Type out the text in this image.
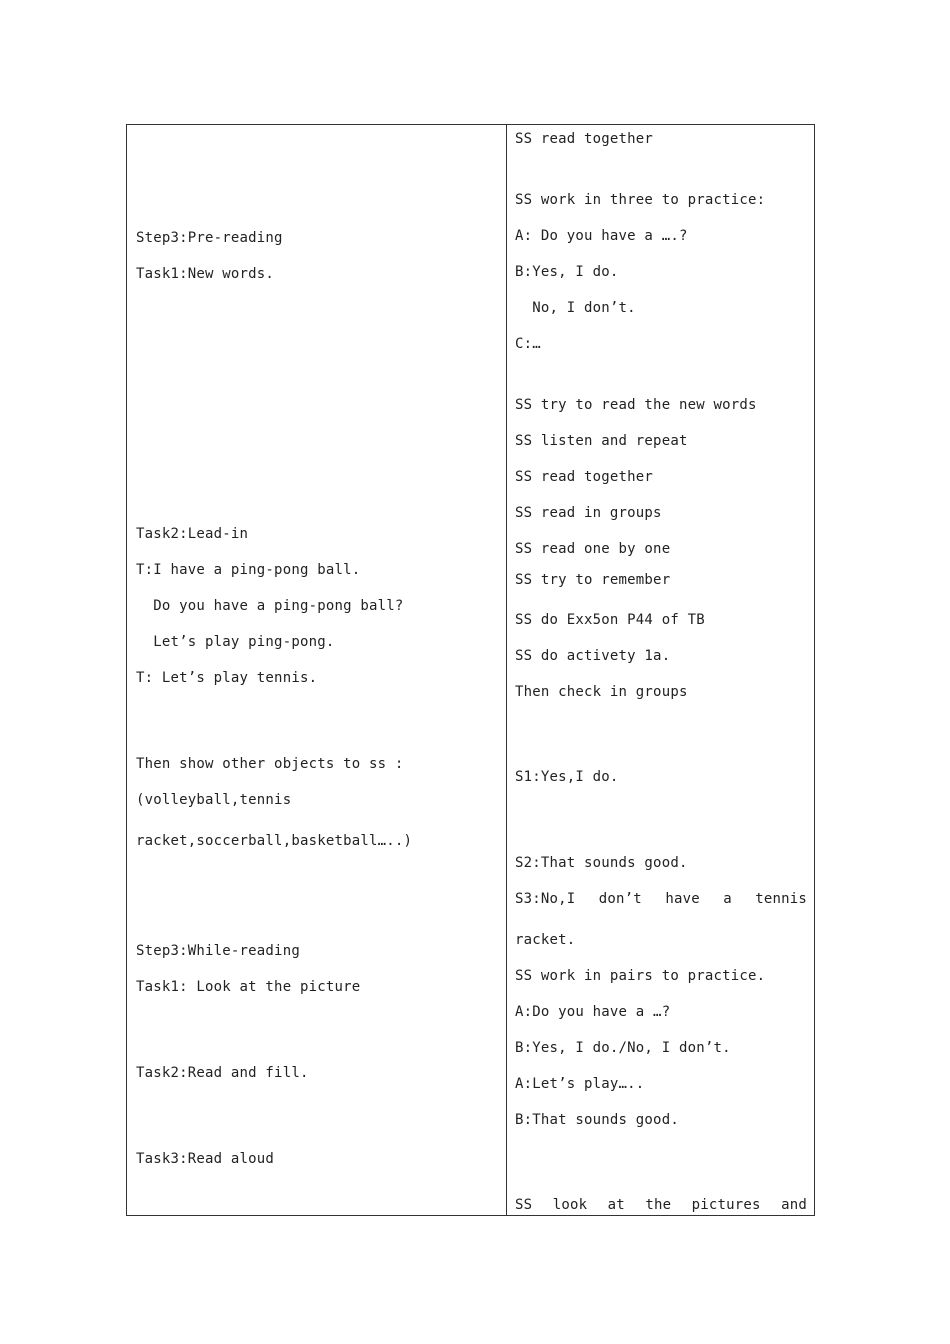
Step3:Pre-reading
Task1:New words.
Task2:Lead-in
T:I have a ping-pong ball.
Do you have a ping-pong ball?
Let’s play ping-pong.
T: Let’s play tennis.
Then show other objects to ss :
(volleyball,tennis
racket,soccerball,basketball…..)
Step3:While-reading
Task1: Look at the picture
Task2:Read and fill.
Task3:Read aloud
SS read together
SS work in three to practice:
A: Do you have a ….?
B:Yes, I do.
No, I don’t.
C:…
SS try to read the new words
SS listen and repeat
SS read together
SS read in groups
SS read one by one
SS try to remember
SS do Exx5on P44 of TB
SS do activety 1a.
Then check in groups
S1:Yes,I do.
S2:That sounds good.
S3:No,I don’t have a tennis
racket.
SS work in pairs to practice.
A:Do you have a …?
B:Yes, I do./No, I don’t.
A:Let’s play…..
B:That sounds good.
SS look at the pictures and
